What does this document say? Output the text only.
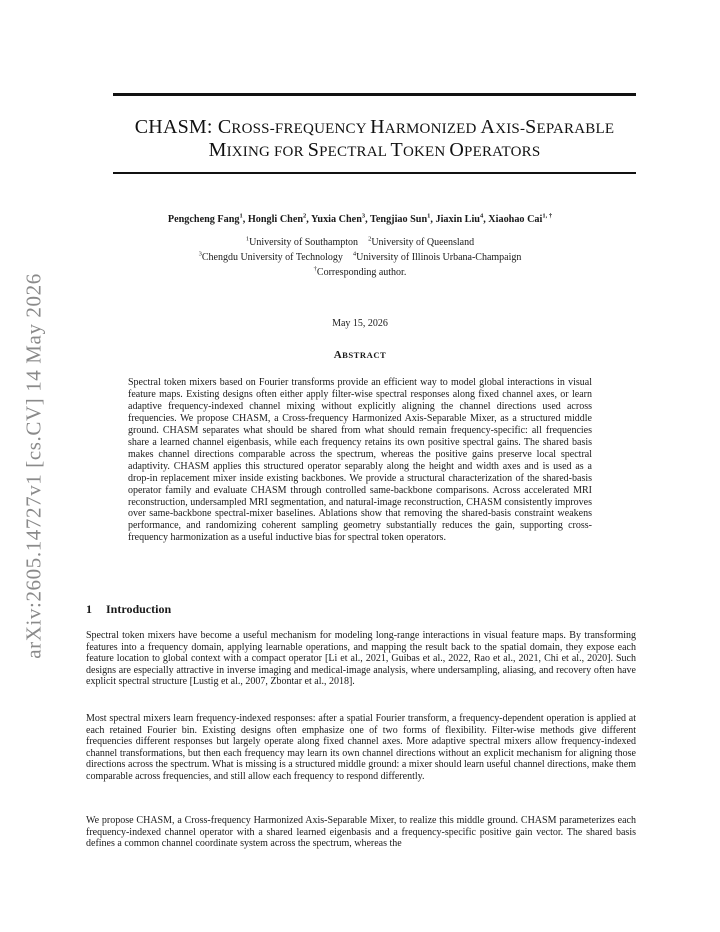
arXiv:2605.14727v1 [cs.CV] 14 May 2026
CHASM: CROSS-FREQUENCY HARMONIZED AXIS-SEPARABLE
MIXING FOR SPECTRAL TOKEN OPERATORS
Pengcheng Fang$^1$, Hongli Chen$^2$, Yuxia Chen$^3$, Tengjiao Sun$^1$, Jiaxin Liu$^4$, Xiaohao Cai$^{1, \dagger}$
$^1$University of Southampton $^2$University of Queensland
$^3$Chengdu University of Technology $^4$University of Illinois Urbana-Champaign
†Corresponding author.
May 15, 2026
ABSTRACT
Spectral token mixers based on Fourier transforms provide an efficient way to model global interactions in visual feature maps. Existing designs often either apply filter-wise spectral responses along fixed channel axes, or learn adaptive frequency-indexed channel mixing without explicitly aligning the channel directions used across frequencies. We propose CHASM, a Cross-frequency Harmonized Axis-Separable Mixer, as a structured middle ground. CHASM separates what should be shared from what should remain frequency-specific: all frequencies share a learned channel eigenbasis, while each frequency retains its own positive spectral gains. The shared basis makes channel directions comparable across the spectrum, whereas the positive gains preserve local spectral adaptivity. CHASM applies this structured operator separably along the height and width axes and is used as a drop-in replacement mixer inside existing backbones. We provide a structural characterization of the shared-basis operator family and evaluate CHASM through controlled same-backbone comparisons. Across accelerated MRI reconstruction, undersampled MRI segmentation, and natural-image reconstruction, CHASM consistently improves over same-backbone spectral-mixer baselines. Ablations show that removing the shared-basis constraint weakens performance, and randomizing coherent sampling geometry substantially reduces the gain, supporting cross-frequency harmonization as a useful inductive bias for spectral token operators.
1 Introduction
Spectral token mixers have become a useful mechanism for modeling long-range interactions in visual feature maps. By transforming features into a frequency domain, applying learnable operations, and mapping the result back to the spatial domain, they expose each feature location to global context with a compact operator [Li et al., 2021, Guibas et al., 2022, Rao et al., 2021, Chi et al., 2020]. Such designs are especially attractive in inverse imaging and medical-image analysis, where undersampling, aliasing, and recovery often have explicit spectral structure [Lustig et al., 2007, Zbontar et al., 2018].
Most spectral mixers learn frequency-indexed responses: after a spatial Fourier transform, a frequency-dependent operation is applied at each retained Fourier bin. Existing designs often emphasize one of two forms of flexibility. Filter-wise methods give different frequencies different responses but largely operate along fixed channel axes. More adaptive spectral mixers allow frequency-indexed channel transformations, but then each frequency may learn its own channel directions without an explicit mechanism for aligning those directions across the spectrum. What is missing is a structured middle ground: a mixer should learn useful channel directions, make them comparable across frequencies, and still allow each frequency to respond differently.
We propose CHASM, a Cross-frequency Harmonized Axis-Separable Mixer, to realize this middle ground. CHASM parameterizes each frequency-indexed channel operator with a shared learned eigenbasis and a frequency-specific positive gain vector. The shared basis defines a common channel coordinate system across the spectrum, whereas the
